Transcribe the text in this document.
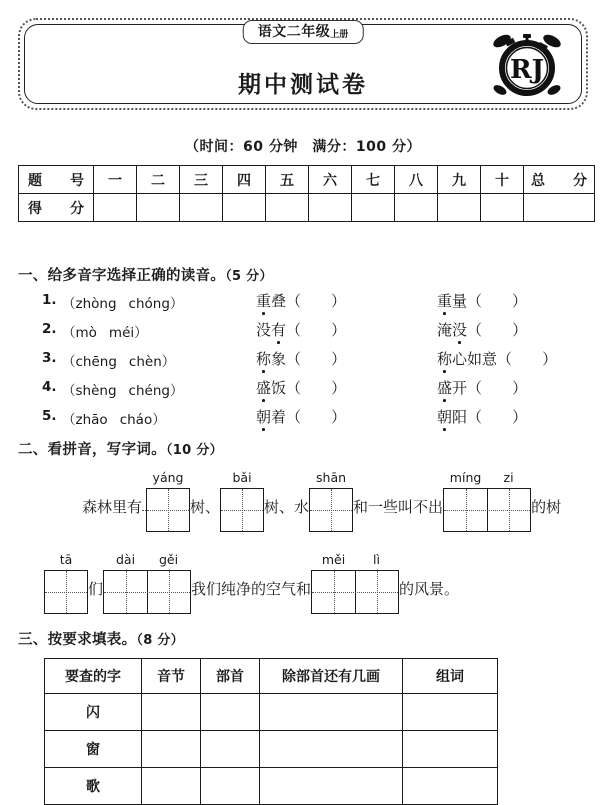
语文二年级上册
期中测试卷	RJ
（时间：60 分钟　满分：100 分）
题　号	一	二	三	四	五	六	七	八	九	十	总　分
得　分											
一、给多音字选择正确的读音。（5 分）
1. （zhòng chóng）	重叠（　　 ）	重量（　　 ）
2. （mò méi）	没有（　　 ）	淹没（　　 ）
3. （chēng chèn）	称象（　　 ）	称心如意（　　 ）
4. （shèng chéng）	盛饭（　　 ）	盛开（　　 ）
5. （zhāo cháo）	朝着（　　 ）	朝阳（　　 ）
二、看拼音，写字词。（10 分）
森林里有
yáng
树、
bǎi
树、水
shān
和一些叫不出
míng	zi
的树
tā
们
dài	gěi
我们纯净的空气和
měi	lì
的风景。
三、按要求填表。（8 分）
要查的字	音节	部首	除部首还有几画	组词
闪				
窗				
歌				
